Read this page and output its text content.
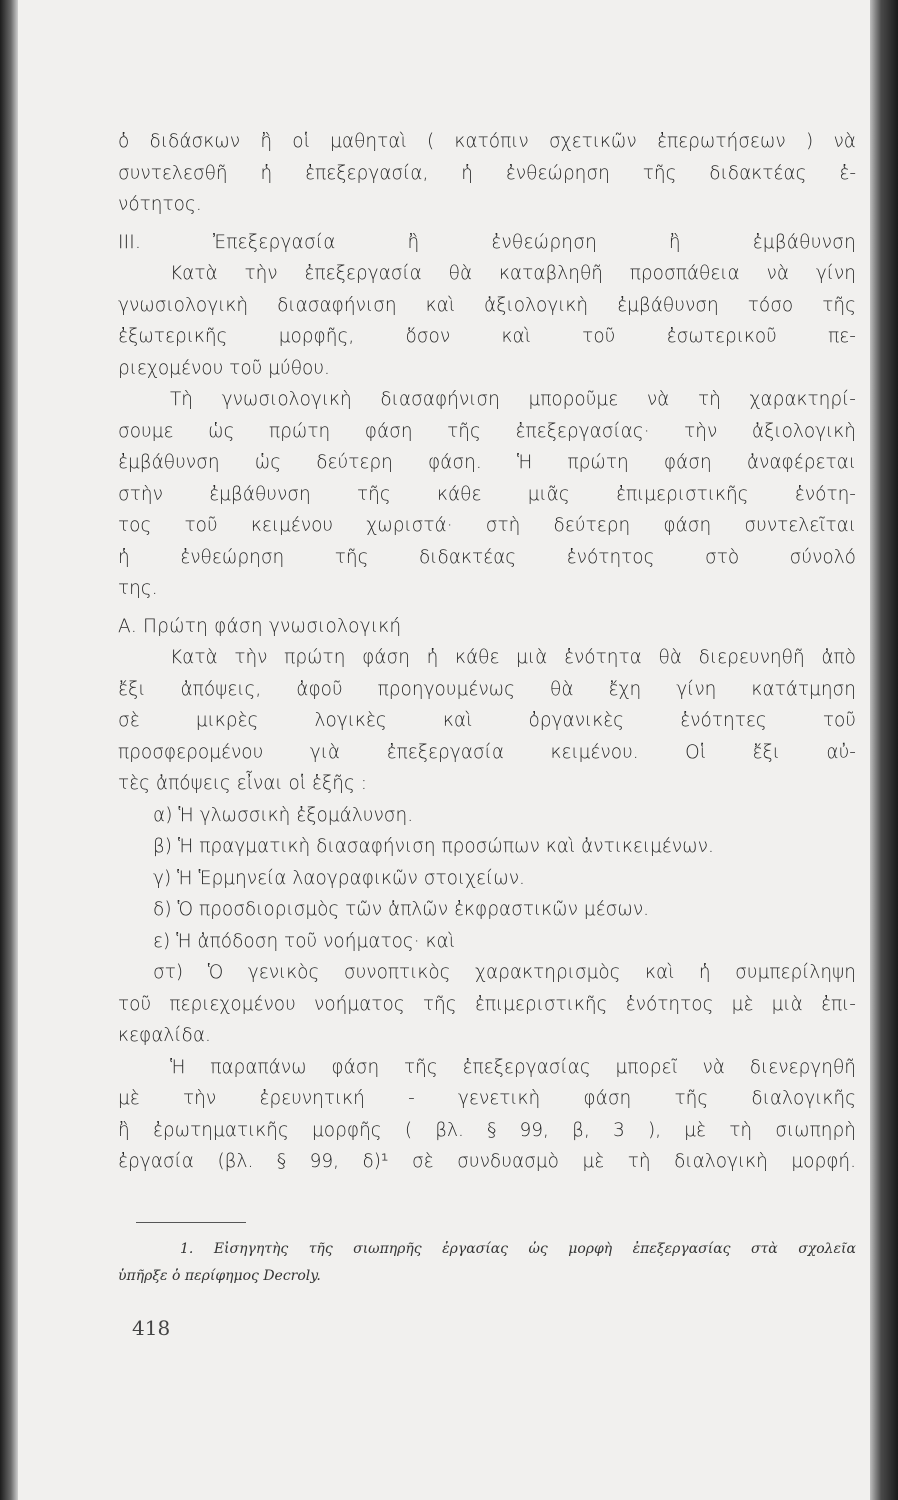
ὁ διδάσκων ἢ οἱ μαθηταὶ ( κατόπιν σχετικῶν ἐπερωτήσεων ) νὰ
συντελεσθῆ ἡ ἐπεξεργασία, ἡ ἐνθεώρηση τῆς διδακτέας ἑ-
νότητος.
ΙΙΙ. Ἐπεξεργασία ἢ ἐνθεώρηση ἢ ἐμβάθυνση
Κατὰ τὴν ἐπεξεργασία θὰ καταβληθῆ προσπάθεια νὰ γίνη
γνωσιολογικὴ διασαφήνιση καὶ ἀξιολογικὴ ἐμβάθυνση τόσο τῆς
ἐξωτερικῆς μορφῆς, ὅσον καὶ τοῦ ἐσωτερικοῦ πε-
ριεχομένου τοῦ μύθου.
Τὴ γνωσιολογικὴ διασαφήνιση μποροῦμε νὰ τὴ χαρακτηρί-
σουμε ὡς πρώτη φάση τῆς ἐπεξεργασίας· τὴν ἀξιολογικὴ
ἐμβάθυνση ὡς δεύτερη φάση. Ἡ πρώτη φάση ἀναφέρεται
στὴν ἐμβάθυνση τῆς κάθε μιᾶς ἐπιμεριστικῆς ἑνότη-
τος τοῦ κειμένου χωριστά· στὴ δεύτερη φάση συντελεῖται
ἡ ἐνθεώρηση τῆς διδακτέας ἑνότητος στὸ σύνολό
της.
Α. Πρώτη φάση γνωσιολογική
Κατὰ τὴν πρώτη φάση ἡ κάθε μιὰ ἑνότητα θὰ διερευνηθῆ ἀπὸ
ἔξι ἀπόψεις, ἀφοῦ προηγουμένως θὰ ἔχη γίνη κατάτμηση
σὲ μικρὲς λογικὲς καὶ ὀργανικὲς ἑνότητες τοῦ
προσφερομένου γιὰ ἐπεξεργασία κειμένου. Οἱ ἔξι αὐ-
τὲς ἀπόψεις εἶναι οἱ ἑξῆς :
α) Ἡ γλωσσικὴ ἐξομάλυνση.
β) Ἡ πραγματικὴ διασαφήνιση προσώπων καὶ ἀντικειμένων.
γ) Ἡ Ἑρμηνεία λαογραφικῶν στοιχείων.
δ) Ὁ προσδιορισμὸς τῶν ἁπλῶν ἐκφραστικῶν μέσων.
ε) Ἡ ἀπόδοση τοῦ νοήματος· καὶ
στ) Ὁ γενικὸς συνοπτικὸς χαρακτηρισμὸς καὶ ἡ συμπερίληψη
τοῦ περιεχομένου νοήματος τῆς ἐπιμεριστικῆς ἑνότητος μὲ μιὰ ἐπι-
κεφαλίδα.
Ἡ παραπάνω φάση τῆς ἐπεξεργασίας μπορεῖ νὰ διενεργηθῆ
μὲ τὴν ἐρευνητική - γενετικὴ φάση τῆς διαλογικῆς
ἢ ἐρωτηματικῆς μορφῆς ( βλ. § 99, β, 3 ), μὲ τὴ σιωπηρὴ
ἐργασία (βλ. § 99, δ)¹ σὲ συνδυασμὸ μὲ τὴ διαλογικὴ μορφή.
1. Εἰσηγητὴς τῆς σιωπηρῆς ἐργασίας ὡς μορφὴ ἐπεξεργασίας στὰ σχολεῖα
ὑπῆρξε ὁ περίφημος Decroly.
418
